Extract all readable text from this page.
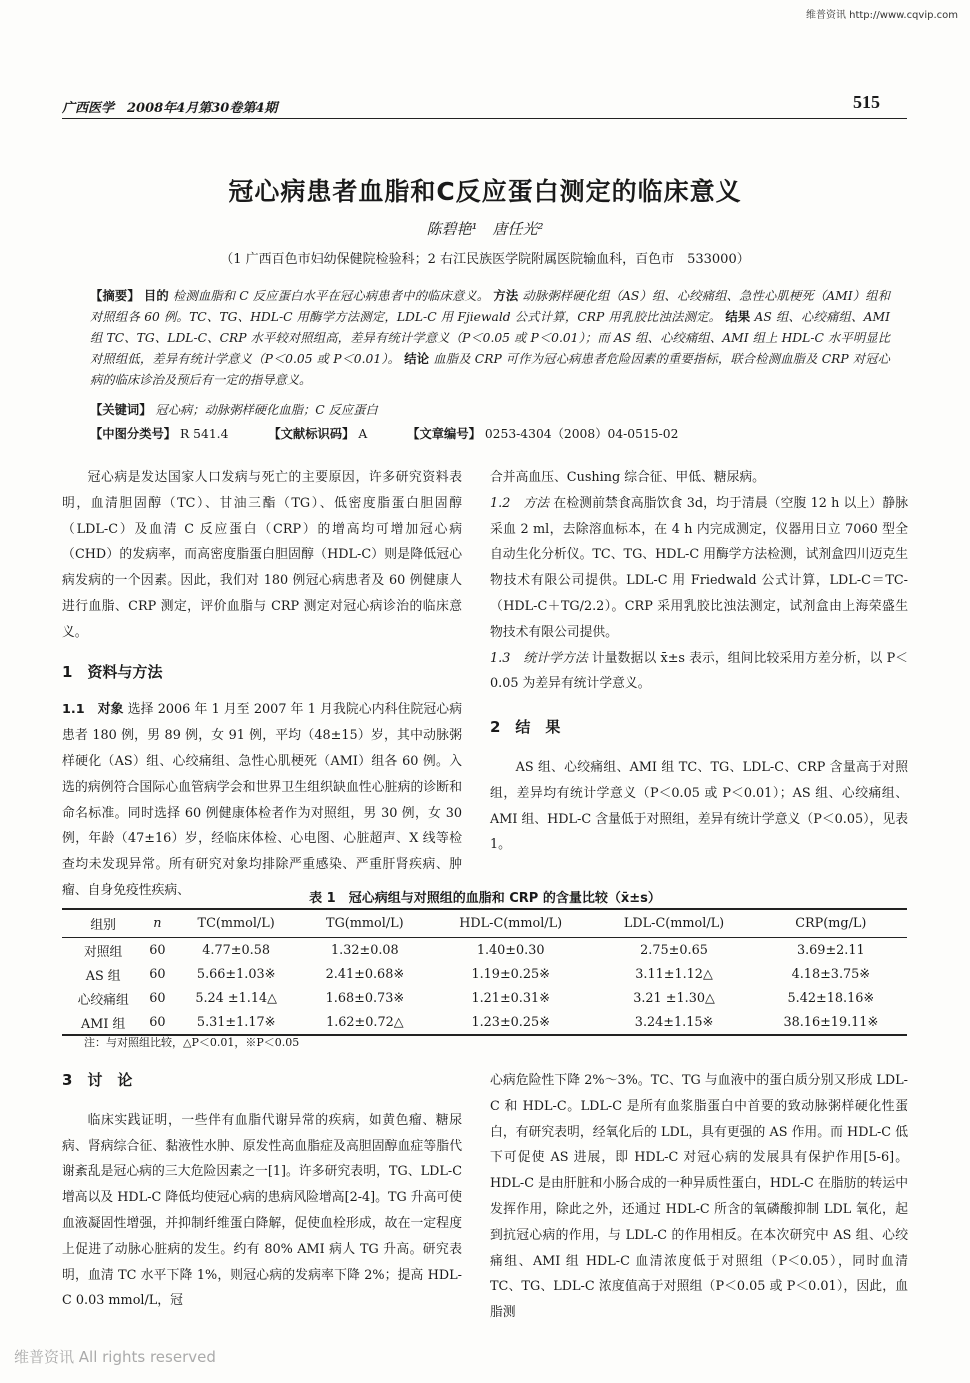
维普资讯 http://www.cqvip.com
广西医学　2008年4月第30卷第4期	515
冠心病患者血脂和C反应蛋白测定的临床意义
陈碧艳¹　唐任光²
（1 广西百色市妇幼保健院检验科；2 右江民族医学院附属医院输血科，百色市　533000）
【摘要】 目的 检测血脂和 C 反应蛋白水平在冠心病患者中的临床意义。 方法 动脉粥样硬化组（AS）组、心绞痛组、急性心肌梗死（AMI）组和对照组各 60 例。TC、TG、HDL-C 用酶学方法测定，LDL-C 用 Fjiewald 公式计算，CRP 用乳胶比浊法测定。 结果 AS 组、心绞痛组、AMI 组 TC、TG、LDL-C、CRP 水平较对照组高，差异有统计学意义（P＜0.05 或 P＜0.01）；而 AS 组、心绞痛组、AMI 组上 HDL-C 水平明显比对照组低，差异有统计学意义（P＜0.05 或 P＜0.01）。 结论 血脂及 CRP 可作为冠心病患者危险因素的重要指标，联合检测血脂及 CRP 对冠心病的临床诊治及预后有一定的指导意义。
【关键词】 冠心病；动脉粥样硬化血脂；C 反应蛋白
【中图分类号】 R 541.4	【文献标识码】 A	【文章编号】 0253-4304（2008）04-0515-02

冠心病是发达国家人口发病与死亡的主要原因，许多研究资料表明，血清胆固醇（TC）、甘油三酯（TG）、低密度脂蛋白胆固醇（LDL-C）及血清 C 反应蛋白（CRP）的增高均可增加冠心病（CHD）的发病率，而高密度脂蛋白胆固醇（HDL-C）则是降低冠心病发病的一个因素。因此，我们对 180 例冠心病患者及 60 例健康人进行血脂、CRP 测定，评价血脂与 CRP 测定对冠心病诊治的临床意义。

1　资料与方法

1.1　对象 选择 2006 年 1 月至 2007 年 1 月我院心内科住院冠心病患者 180 例，男 89 例，女 91 例，平均（48±15）岁，其中动脉粥样硬化（AS）组、心绞痛组、急性心肌梗死（AMI）组各 60 例。入选的病例符合国际心血管病学会和世界卫生组织缺血性心脏病的诊断和命名标准。同时选择 60 例健康体检者作为对照组，男 30 例，女 30 例，年龄（47±16）岁，经临床体检、心电图、心脏超声、X 线等检查均未发现异常。所有研究对象均排除严重感染、严重肝肾疾病、肿瘤、自身免疫性疾病、

合并高血压、Cushing 综合征、甲低、糖尿病。

1.2　方法 在检测前禁食高脂饮食 3d，均于清晨（空腹 12 h 以上）静脉采血 2 ml，去除溶血标本，在 4 h 内完成测定，仪器用日立 7060 型全自动生化分析仪。TC、TG、HDL-C 用酶学方法检测，试剂盒四川迈克生物技术有限公司提供。LDL-C 用 Friedwald 公式计算，LDL-C＝TC-（HDL-C＋TG/2.2）。CRP 采用乳胶比浊法测定，试剂盒由上海荣盛生物技术有限公司提供。

1.3　统计学方法 计量数据以 x̄±s 表示，组间比较采用方差分析，以 P＜0.05 为差异有统计学意义。

2　结　果

AS 组、心绞痛组、AMI 组 TC、TG、LDL-C、CRP 含量高于对照组，差异均有统计学意义（P＜0.05 或 P＜0.01）；AS 组、心绞痛组、AMI 组、HDL-C 含量低于对照组，差异有统计学意义（P＜0.05），见表 1。

表 1　冠心病组与对照组的血脂和 CRP 的含量比较（x̄±s）
组别	n	TC(mmol/L)	TG(mmol/L)	HDL-C(mmol/L)	LDL-C(mmol/L)	CRP(mg/L)
对照组	60	4.77±0.58	1.32±0.08	1.40±0.30	2.75±0.65	3.69±2.11
AS 组	60	5.66±1.03※	2.41±0.68※	1.19±0.25※	3.11±1.12△	4.18±3.75※
心绞痛组	60	5.24 ±1.14△	1.68±0.73※	1.21±0.31※	3.21 ±1.30△	5.42±18.16※
AMI 组	60	5.31±1.17※	1.62±0.72△	1.23±0.25※	3.24±1.15※	38.16±19.11※
注：与对照组比较，△P＜0.01，※P＜0.05
3　讨　论

临床实践证明，一些伴有血脂代谢异常的疾病，如黄色瘤、糖尿病、肾病综合征、黏液性水肿、原发性高血脂症及高胆固醇血症等脂代谢紊乱是冠心病的三大危险因素之一[1]。许多研究表明，TG、LDL-C 增高以及 HDL-C 降低均使冠心病的患病风险增高[2-4]。TG 升高可使血液凝固性增强，并抑制纤维蛋白降解，促使血栓形成，故在一定程度上促进了动脉心脏病的发生。约有 80% AMI 病人 TG 升高。研究表明，血清 TC 水平下降 1%，则冠心病的发病率下降 2%；提高 HDL-C 0.03 mmol/L，冠

心病危险性下降 2%～3%。TC、TG 与血液中的蛋白质分别又形成 LDL-C 和 HDL-C。LDL-C 是所有血浆脂蛋白中首要的致动脉粥样硬化性蛋白，有研究表明，经氧化后的 LDL，具有更强的 AS 作用。而 HDL-C 低下可促使 AS 进展，即 HDL-C 对冠心病的发展具有保护作用[5-6]。HDL-C 是由肝脏和小肠合成的一种异质性蛋白，HDL-C 在脂肪的转运中发挥作用，除此之外，还通过 HDL-C 所含的氧磷酸抑制 LDL 氧化，起到抗冠心病的作用，与 LDL-C 的作用相反。在本次研究中 AS 组、心绞痛组、AMI 组 HDL-C 血清浓度低于对照组（P＜0.05），同时血清 TC、TG、LDL-C 浓度值高于对照组（P＜0.05 或 P＜0.01），因此，血脂测

维普资讯 All rights reserved
